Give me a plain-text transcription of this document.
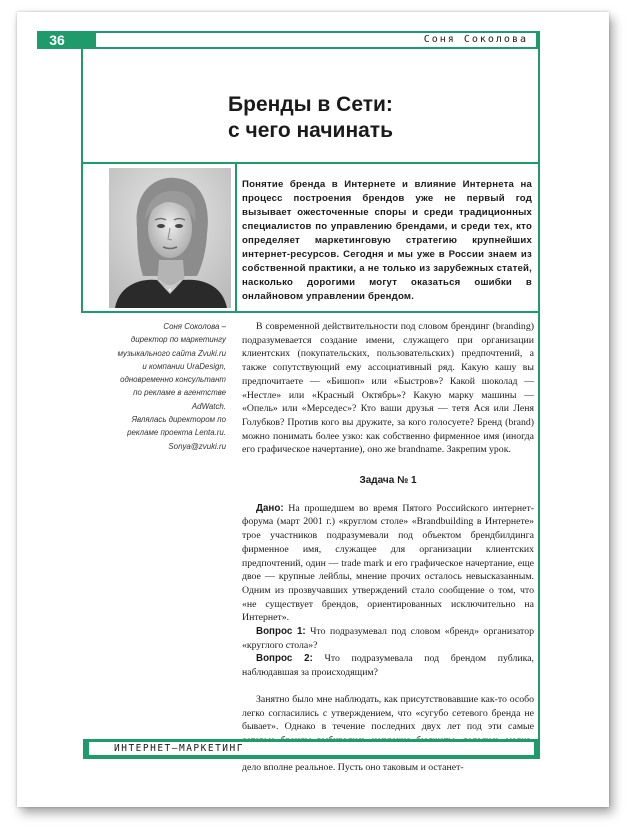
36	Соня Соколова
Бренды в Сети:
с чего начинать
Понятие бренда в Интернете и влияние Интернета на процесс построения брендов уже не первый год вызывает ожесточенные споры и среди традиционных специалистов по управлению брендами, и среди тех, кто определяет маркетинговую стратегию крупнейших интернет-ресурсов. Сегодня и мы уже в России знаем из собственной практики, а не только из зарубежных статей, насколько дорогими могут оказаться ошибки в онлайновом управлении брендом.
Соня Соколова –
директор по маркетингу
музыкального сайта Zvuki.ru
и компании UraDesign,
одновременно консультант
по рекламе в агентстве
AdWatch.
Являлась директором по
рекламе проекта Lenta.ru.
Sonya@zvuki.ru

В современной действительности под словом брендинг (branding) подразумевается создание имени, служащего при организации клиентских (покупательских, пользовательских) предпочтений, а также сопутствующий ему ассоциативный ряд. Какую кашу вы предпочитаете — «Бишоп» или «Быстров»? Какой шоколад — «Нестле» или «Красный Октябрь»? Какую марку машины — «Опель» или «Мерседес»? Кто ваши друзья — тетя Ася или Леня Голубков? Против кого вы дружите, за кого голосуете? Бренд (brand) можно понимать более узко: как собственно фирменное имя (иногда его графическое начертание), оно же brandname. Закрепим урок.

Задача № 1

Дано: На прошедшем во время Пятого Российского интернет-форума (март 2001 г.) «круглом столе» «Brandbuilding в Интернете» трое участников подразумевали под объектом брендбилдинга фирменное имя, служащее для организации клиентских предпочтений, один — trade mark и его графическое начертание, еще двое — крупные лейблы, мнение прочих осталось невысказанным. Одним из прозвучавших утверждений стало сообщение о том, что «не существует брендов, ориентированных исключительно на Интернет».

Вопрос 1: Что подразумевал под словом «бренд» организатор «круглого стола»?

Вопрос 2: Что подразумевала под брендом публика, наблюдавшая за происходящим?

Занятно было мне наблюдать, как присутствовавшие как-то особо легко согласились с утверждением, что «сугубо сетевого бренда не бывает». Однако в течение последних двух лет под эти самые дело вполне реальное. Пусть оно таковым и останет-

ИНТЕРНЕТ–МАРКЕТИНГ
